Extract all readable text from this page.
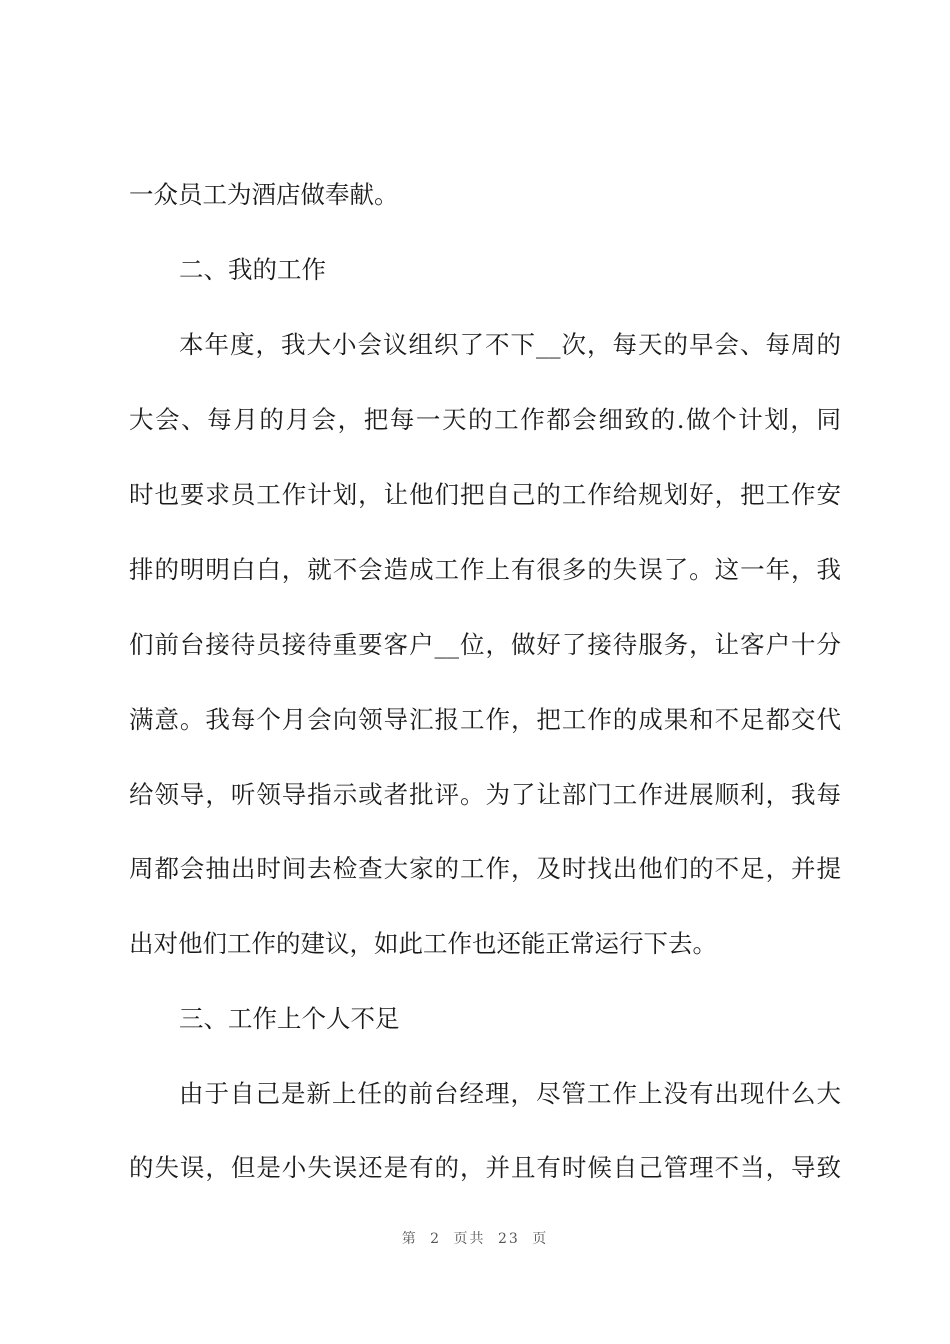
一众员工为酒店做奉献。
二、我的工作
本年度，我大小会议组织了不下__次，每天的早会、每周的
大会、每月的月会，把每一天的工作都会细致的.做个计划，同
时也要求员工作计划，让他们把自己的工作给规划好，把工作安
排的明明白白，就不会造成工作上有很多的失误了。这一年，我
们前台接待员接待重要客户__位，做好了接待服务，让客户十分
满意。我每个月会向领导汇报工作，把工作的成果和不足都交代
给领导，听领导指示或者批评。为了让部门工作进展顺利，我每
周都会抽出时间去检查大家的工作，及时找出他们的不足，并提
出对他们工作的建议，如此工作也还能正常运行下去。
三、工作上个人不足
由于自己是新上任的前台经理，尽管工作上没有出现什么大
的失误，但是小失误还是有的，并且有时候自己管理不当，导致
第 2 页共 23 页
